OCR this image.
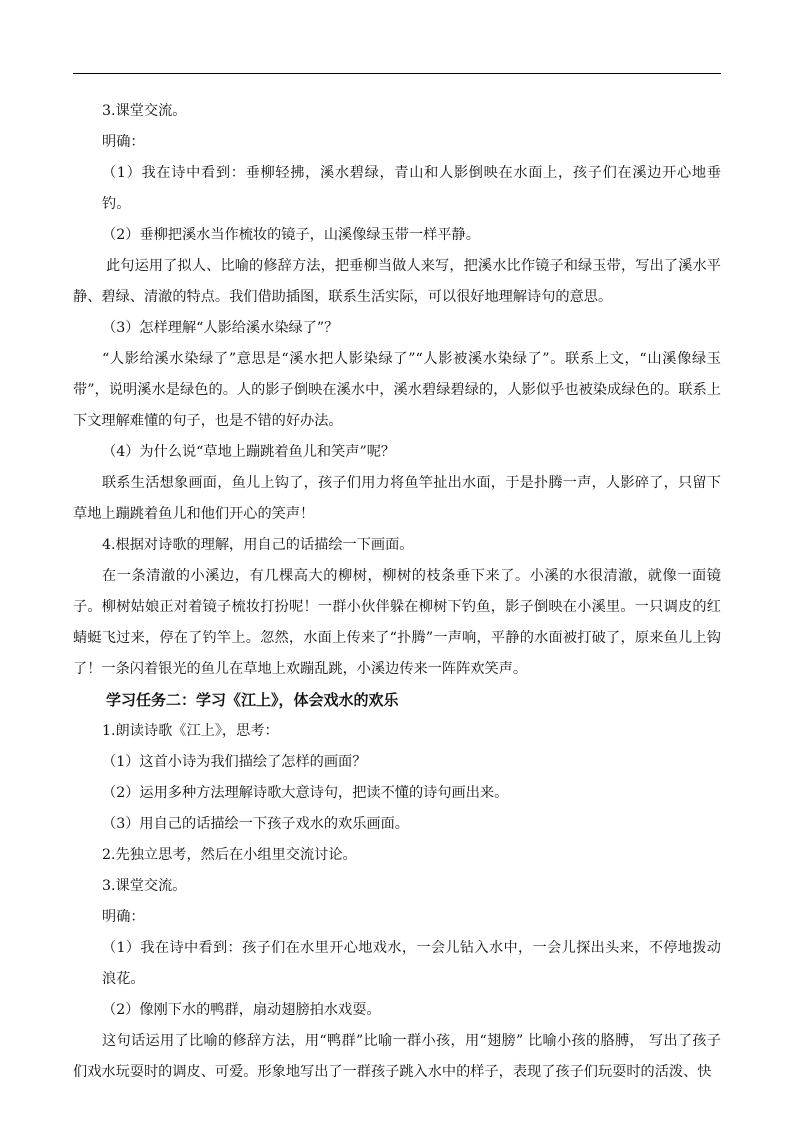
3.课堂交流。

明确：

（1）我在诗中看到：垂柳轻拂，溪水碧绿，青山和人影倒映在水面上，孩子们在溪边开心地垂钓。

（2）垂柳把溪水当作梳妆的镜子，山溪像绿玉带一样平静。

此句运用了拟人、比喻的修辞方法，把垂柳当做人来写，把溪水比作镜子和绿玉带，写出了溪水平静、碧绿、清澈的特点。我们借助插图，联系生活实际，可以很好地理解诗句的意思。

（3）怎样理解“人影给溪水染绿了”？

“人影给溪水染绿了”意思是“溪水把人影染绿了”“人影被溪水染绿了”。联系上文，“山溪像绿玉带”，说明溪水是绿色的。人的影子倒映在溪水中，溪水碧绿碧绿的，人影似乎也被染成绿色的。联系上下文理解难懂的句子，也是不错的好办法。

（4）为什么说“草地上蹦跳着鱼儿和笑声”呢？

联系生活想象画面，鱼儿上钩了，孩子们用力将鱼竿扯出水面，于是扑腾一声，人影碎了，只留下草地上蹦跳着鱼儿和他们开心的笑声！

4.根据对诗歌的理解，用自己的话描绘一下画面。

在一条清澈的小溪边，有几棵高大的柳树，柳树的枝条垂下来了。小溪的水很清澈，就像一面镜子。柳树姑娘正对着镜子梳妆打扮呢！一群小伙伴躲在柳树下钓鱼，影子倒映在小溪里。一只调皮的红蜻蜓飞过来，停在了钓竿上。忽然，水面上传来了“扑腾”一声响，平静的水面被打破了，原来鱼儿上钩了！一条闪着银光的鱼儿在草地上欢蹦乱跳，小溪边传来一阵阵欢笑声。

学习任务二：学习《江上》，体会戏水的欢乐

1.朗读诗歌《江上》，思考：

（1）这首小诗为我们描绘了怎样的画面？

（2）运用多种方法理解诗歌大意诗句，把读不懂的诗句画出来。

（3）用自己的话描绘一下孩子戏水的欢乐画面。

2.先独立思考，然后在小组里交流讨论。

3.课堂交流。

明确：

（1）我在诗中看到：孩子们在水里开心地戏水，一会儿钻入水中，一会儿探出头来，不停地拨动浪花。

（2）像刚下水的鸭群，扇动翅膀拍水戏耍。

这句话运用了比喻的修辞方法，用“鸭群”比喻一群小孩，用“翅膀” 比喻小孩的胳膊， 写出了孩子们戏水玩耍时的调皮、可爱。形象地写出了一群孩子跳入水中的样子，表现了孩子们玩耍时的活泼、快
